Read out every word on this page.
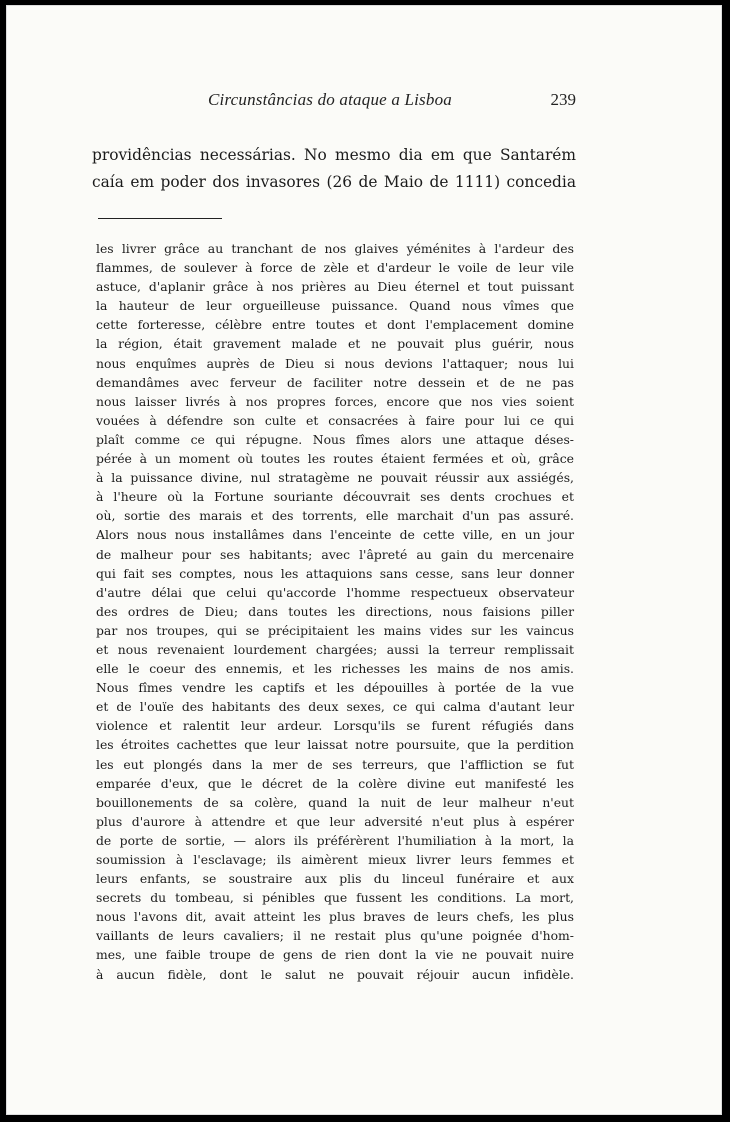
Circunstâncias do ataque a Lisboa	239
providências necessárias. No mesmo dia em que Santarém
caía em poder dos invasores (26 de Maio de 1111) concedia
les livrer grâce au tranchant de nos glaives yéménites à l'ardeur des
flammes, de soulever à force de zèle et d'ardeur le voile de leur vile
astuce, d'aplanir grâce à nos prières au Dieu éternel et tout puissant
la hauteur de leur orgueilleuse puissance. Quand nous vîmes que
cette forteresse, célèbre entre toutes et dont l'emplacement domine
la région, était gravement malade et ne pouvait plus guérir, nous
nous enquîmes auprès de Dieu si nous devions l'attaquer; nous lui
demandâmes avec ferveur de faciliter notre dessein et de ne pas
nous laisser livrés à nos propres forces, encore que nos vies soient
vouées à défendre son culte et consacrées à faire pour lui ce qui
plaît comme ce qui répugne. Nous fîmes alors une attaque déses-
pérée à un moment où toutes les routes étaient fermées et où, grâce
à la puissance divine, nul stratagème ne pouvait réussir aux assiégés,
à l'heure où la Fortune souriante découvrait ses dents crochues et
où, sortie des marais et des torrents, elle marchait d'un pas assuré.
Alors nous nous installâmes dans l'enceinte de cette ville, en un jour
de malheur pour ses habitants; avec l'âpreté au gain du mercenaire
qui fait ses comptes, nous les attaquions sans cesse, sans leur donner
d'autre délai que celui qu'accorde l'homme respectueux observateur
des ordres de Dieu; dans toutes les directions, nous faisions piller
par nos troupes, qui se précipitaient les mains vides sur les vaincus
et nous revenaient lourdement chargées; aussi la terreur remplissait
elle le coeur des ennemis, et les richesses les mains de nos amis.
Nous fîmes vendre les captifs et les dépouilles à portée de la vue
et de l'ouïe des habitants des deux sexes, ce qui calma d'autant leur
violence et ralentit leur ardeur. Lorsqu'ils se furent réfugiés dans
les étroites cachettes que leur laissat notre poursuite, que la perdition
les eut plongés dans la mer de ses terreurs, que l'affliction se fut
emparée d'eux, que le décret de la colère divine eut manifesté les
bouillonements de sa colère, quand la nuit de leur malheur n'eut
plus d'aurore à attendre et que leur adversité n'eut plus à espérer
de porte de sortie, — alors ils préférèrent l'humiliation à la mort, la
soumission à l'esclavage; ils aimèrent mieux livrer leurs femmes et
leurs enfants, se soustraire aux plis du linceul funéraire et aux
secrets du tombeau, si pénibles que fussent les conditions. La mort,
nous l'avons dit, avait atteint les plus braves de leurs chefs, les plus
vaillants de leurs cavaliers; il ne restait plus qu'une poignée d'hom-
mes, une faible troupe de gens de rien dont la vie ne pouvait nuire
à aucun fidèle, dont le salut ne pouvait réjouir aucun infidèle.
